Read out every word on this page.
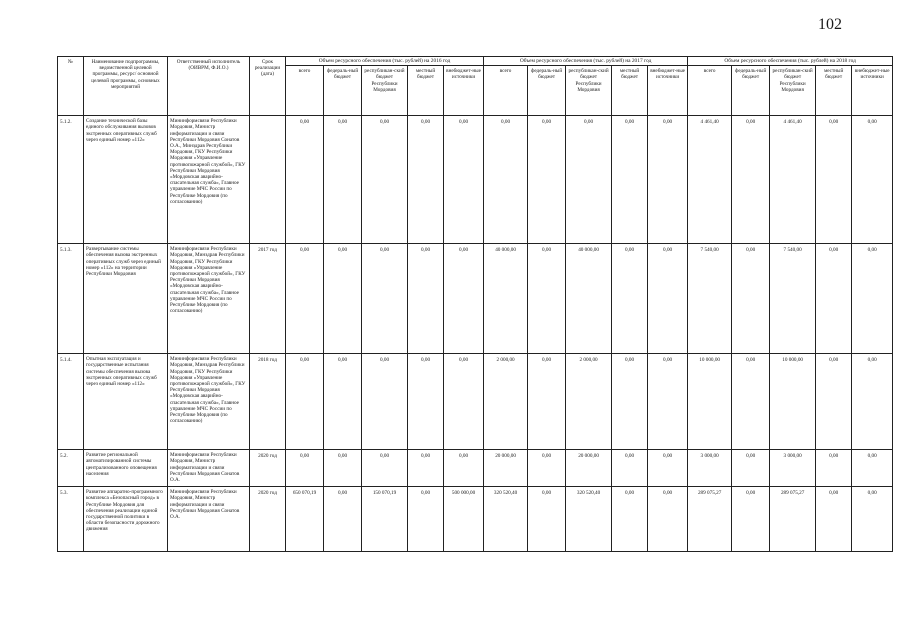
102
№	Наименование подпрограммы, ведомственной целевой программы, ресурс/ основной целевой программы, основных мероприятий	Ответственный исполнитель (ОИВРМ, Ф.И.О.)	Срок реализации (дата)	Объем ресурсного обеспечения (тыс. рублей) на 2016 год					Объем ресурсного обеспечения (тыс. рублей) на 2017 год					Объем ресурсного обеспечения (тыс. рублей) на 2018 год				
				всего	федераль-ный бюджет	республикан-ский бюджет Республики Мордовия	местный бюджет	внебюджет-ные источники	всего	федераль-ный бюджет	республикан-ский бюджет Республики Мордовия	местный бюджет	внебюджет-ные источники	всего	федераль-ный бюджет	республикан-ский бюджет Республики Мордовия	местный бюджет	внебюджет-ные источники
5.1.2.	Создание технической базы единого обслуживания вызовов экстренных оперативных служб через единый номер «112»	Мининформсвязи Республики Мордовия, Министр информатизации и связи Республики Мордовия Сонатов О.А., Минздрав Республики Мордовия, ГКУ Республики Мордовия «Управление противопожарной службой», ГКУ Республики Мордовия «Мордовская аварийно-спасательная служба», Главное управление МЧС России по Республике Мордовия (по согласованию)		0,00	0,00	0,00	0,00	0,00	0,00	0,00	0,00	0,00	0,00	4 461,40	0,00	4 461,40	0,00	0,00
5.1.3.	Развертывание системы обеспечения вызова экстренных оперативных служб через единый номер «112» на территории Республики Мордовия	Мининформсвязи Республики Мордовия, Минздрав Республики Мордовия, ГКУ Республики Мордовия «Управление противопожарной службой», ГКУ Республики Мордовия «Мордовская аварийно-спасательная служба», Главное управление МЧС России по Республике Мордовия (по согласованию)	2017 год	0,00	0,00	0,00	0,00	0,00	40 000,00	0,00	40 000,00	0,00	0,00	7 540,00	0,00	7 540,00	0,00	0,00
5.1.4.	Опытная эксплуатация и государственные испытания системы обеспечения вызова экстренных оперативных служб через единый номер «112»	Мининформсвязи Республики Мордовия, Минздрав Республики Мордовия, ГКУ Республики Мордовия «Управление противопожарной службой», ГКУ Республики Мордовия «Мордовская аварийно-спасательная служба», Главное управление МЧС России по Республике Мордовия (по согласованию)	2018 год	0,00	0,00	0,00	0,00	0,00	2 000,00	0,00	2 000,00	0,00	0,00	10 000,00	0,00	10 000,00	0,00	0,00
5.2.	Развитие региональной автоматизированной системы централизованного оповещения населения	Мининформсвязи Республики Мордовия, Министр информатизации и связи Республики Мордовия Сонатов О.А.	2020 год	0,00	0,00	0,00	0,00	0,00	20 000,00	0,00	20 000,00	0,00	0,00	3 000,00	0,00	3 000,00	0,00	0,00
5.3.	Развитие аппаратно-программного комплекса «Безопасный город» в Республике Мордовия для обеспечения реализации единой государственной политики в области безопасности дорожного движения	Мининформсвязи Республики Мордовия, Министр информатизации и связи Республики Мордовия Сонатов О.А.	2020 год	650 070,19	0,00	150 070,19	0,00	500 000,00	320 520,40	0,00	320 520,40	0,00	0,00	289 075,27	0,00	289 075,27	0,00	0,00
